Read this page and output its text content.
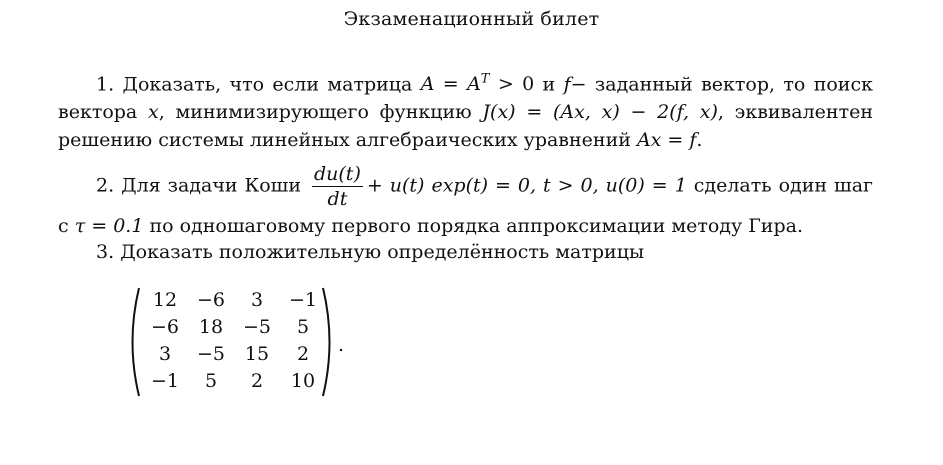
Экзаменационный билет
1. Доказать, что если матрица $A = A^T > 0$ и f− заданный вектор, то поиск вектора x, минимизирующего функцию J(x) = (Ax, x) − 2(f, x), эквивалентен решению системы линейных алгебраических уравнений Ax = f.
2. Для задачи Коши $\frac{du(t)}{dt} + u(t) \exp(t) = 0$, t > 0, u(0) = 1 сделать один шаг с τ = 0.1 по одношаговому первого порядка аппроксимации методу Гира.
3. Доказать положительную определённость матрицы
12	−6	3	−1
−6	18	−5	5
3	−5	15	2
−1	5	2	10
.
